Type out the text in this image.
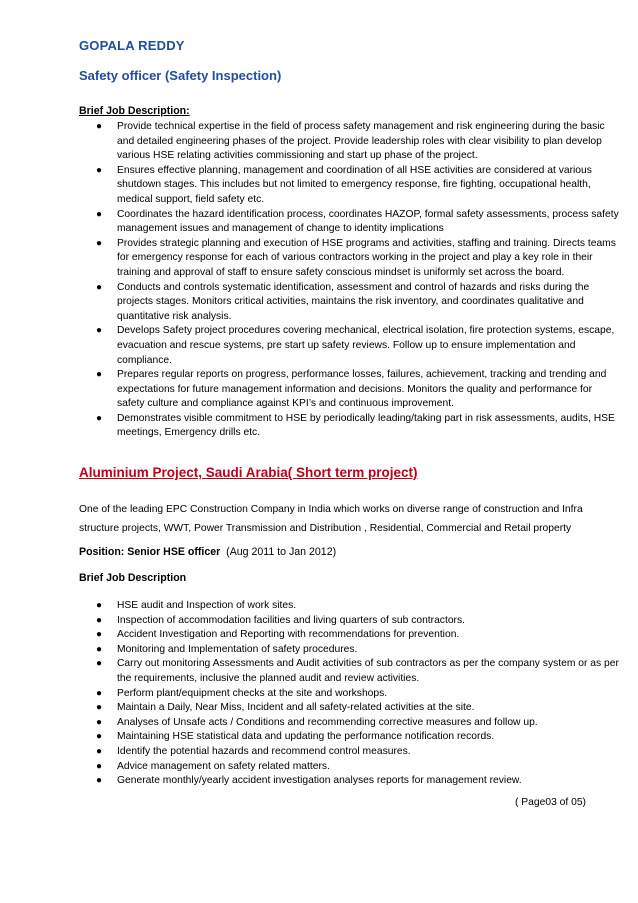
GOPALA REDDY
Safety officer (Safety Inspection)
Brief Job Description:
● Provide technical expertise in the field of process safety management and risk engineering during the basic and detailed engineering phases of the project. Provide leadership roles with clear visibility to plan develop various HSE relating activities commissioning and start up phase of the project.
● Ensures effective planning, management and coordination of all HSE activities are considered at various shutdown stages. This includes but not limited to emergency response, fire fighting, occupational health, medical support, field safety etc.
● Coordinates the hazard identification process, coordinates HAZOP, formal safety assessments, process safety management issues and management of change to identity implications
● Provides strategic planning and execution of HSE programs and activities, staffing and training. Directs teams for emergency response for each of various contractors working in the project and play a key role in their training and approval of staff to ensure safety conscious mindset is uniformly set across the board.
● Conducts and controls systematic identification, assessment and control of hazards and risks during the projects stages. Monitors critical activities, maintains the risk inventory, and coordinates qualitative and quantitative risk analysis.
● Develops Safety project procedures covering mechanical, electrical isolation, fire protection systems, escape, evacuation and rescue systems, pre start up safety reviews. Follow up to ensure implementation and compliance.
● Prepares regular reports on progress, performance losses, failures, achievement, tracking and trending and expectations for future management information and decisions. Monitors the quality and performance for safety culture and compliance against KPI’s and continuous improvement.
● Demonstrates visible commitment to HSE by periodically leading/taking part in risk assessments, audits, HSE meetings, Emergency drills etc.
Aluminium Project, Saudi Arabia( Short term project)
One of the leading EPC Construction Company in India which works on diverse range of construction and Infra structure projects, WWT, Power Transmission and Distribution , Residential, Commercial and Retail property
Position: Senior HSE officer (Aug 2011 to Jan 2012)
Brief Job Description
● HSE audit and Inspection of work sites.
● Inspection of accommodation facilities and living quarters of sub contractors.
● Accident Investigation and Reporting with recommendations for prevention.
● Monitoring and Implementation of safety procedures.
● Carry out monitoring Assessments and Audit activities of sub contractors as per the company system or as per the requirements, inclusive the planned audit and review activities.
● Perform plant/equipment checks at the site and workshops.
● Maintain a Daily, Near Miss, Incident and all safety-related activities at the site.
● Analyses of Unsafe acts / Conditions and recommending corrective measures and follow up.
● Maintaining HSE statistical data and updating the performance notification records.
● Identify the potential hazards and recommend control measures.
● Advice management on safety related matters.
● Generate monthly/yearly accident investigation analyses reports for management review.
( Page03 of 05)
